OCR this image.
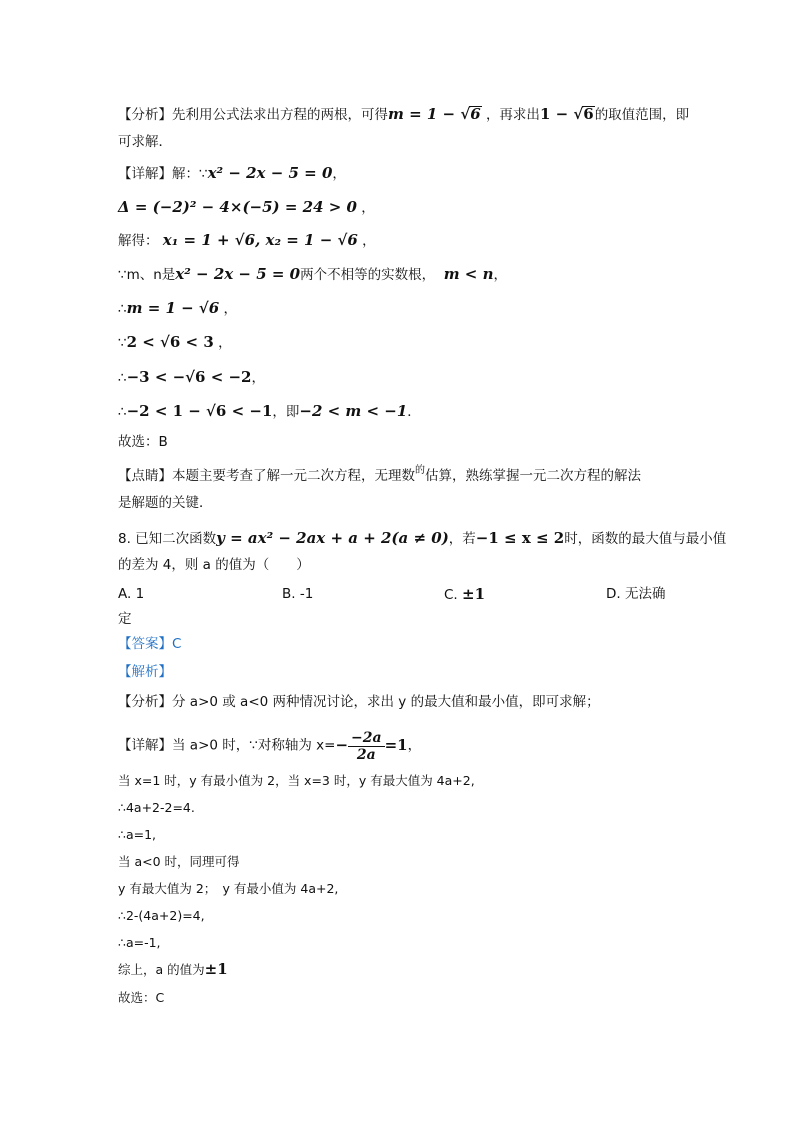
【分析】先利用公式法求出方程的两根，可得m = 1 − √6 ，再求出1 − √6的取值范围，即
可求解．
【详解】解：∵x² − 2x − 5 = 0，
Δ = (−2)² − 4×(−5) = 24 > 0 ，
解得： x₁ = 1 + √6, x₂ = 1 − √6 ，
∵m、n是x² − 2x − 5 = 0两个不相等的实数根， m < n，
∴m = 1 − √6 ，
∵2 < √6 < 3 ，
∴−3 < −√6 < −2，
∴−2 < 1 − √6 < −1，即−2 < m < −1．
故选：B
【点睛】本题主要考查了解一元二次方程，无理数$^的$估算，熟练掌握一元二次方程的解法
是解题的关键．
8. 已知二次函数y = ax² − 2ax + a + 2(a ≠ 0)，若−1 ≤ x ≤ 2时，函数的最大值与最小值
的差为 4，则 a 的值为（　　）
A. 1	B. -1	C. ±1	D. 无法确
定
【答案】C
【解析】
【分析】分 a>0 或 a<0 两种情况讨论，求出 y 的最大值和最小值，即可求解；
【详解】当 a>0 时，∵对称轴为 $x=- \frac{-2a}{2a} =1$，
当 x=1 时，y 有最小值为 2，当 x=3 时，y 有最大值为 4a+2,
∴4a+2-2=4.
∴a=1,
当 a<0 时，同理可得
y 有最大值为 2；　y 有最小值为 4a+2,
∴2-(4a+2)=4,
∴a=-1,
综上，a 的值为±1
故选：C
